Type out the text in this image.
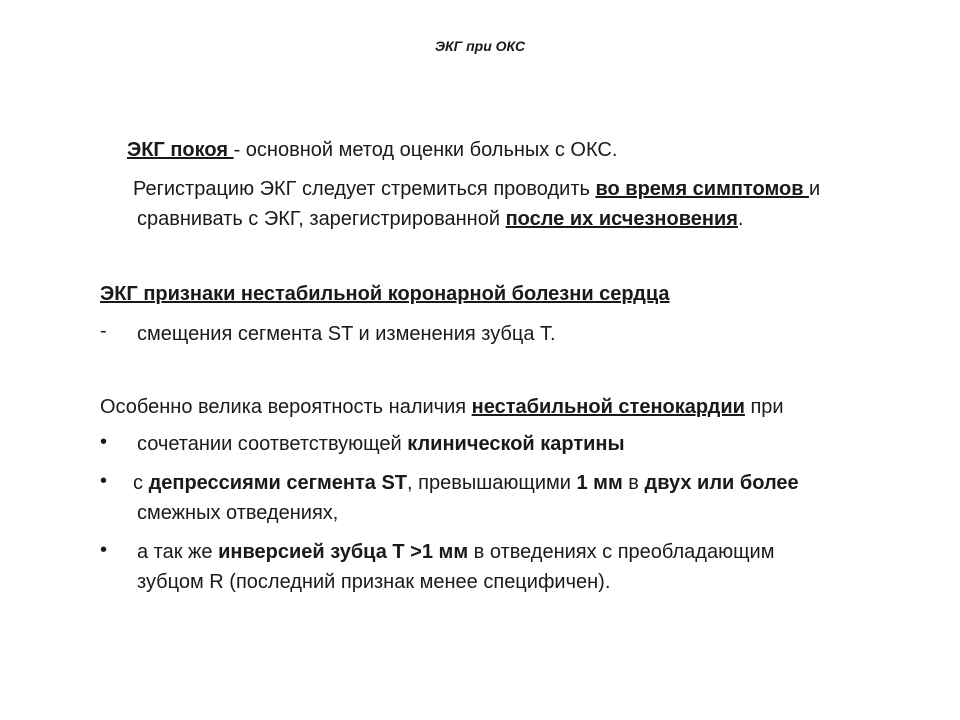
ЭКГ при ОКС
ЭКГ покоя - основной метод оценки больных с ОКС.
Регистрацию ЭКГ следует стремиться проводить во время симптомов и
сравнивать с ЭКГ, зарегистрированной после их исчезновения.
ЭКГ признаки нестабильной коронарной болезни сердца
- смещения сегмента ST и изменения зубца T.
Особенно велика вероятность наличия нестабильной стенокардии при
• сочетании соответствующей клинической картины
• с депрессиями сегмента ST, превышающими 1 мм в двух или более
смежных отведениях,
• а так же инверсией зубца T >1 мм в отведениях с преобладающим
зубцом R (последний признак менее специфичен).
